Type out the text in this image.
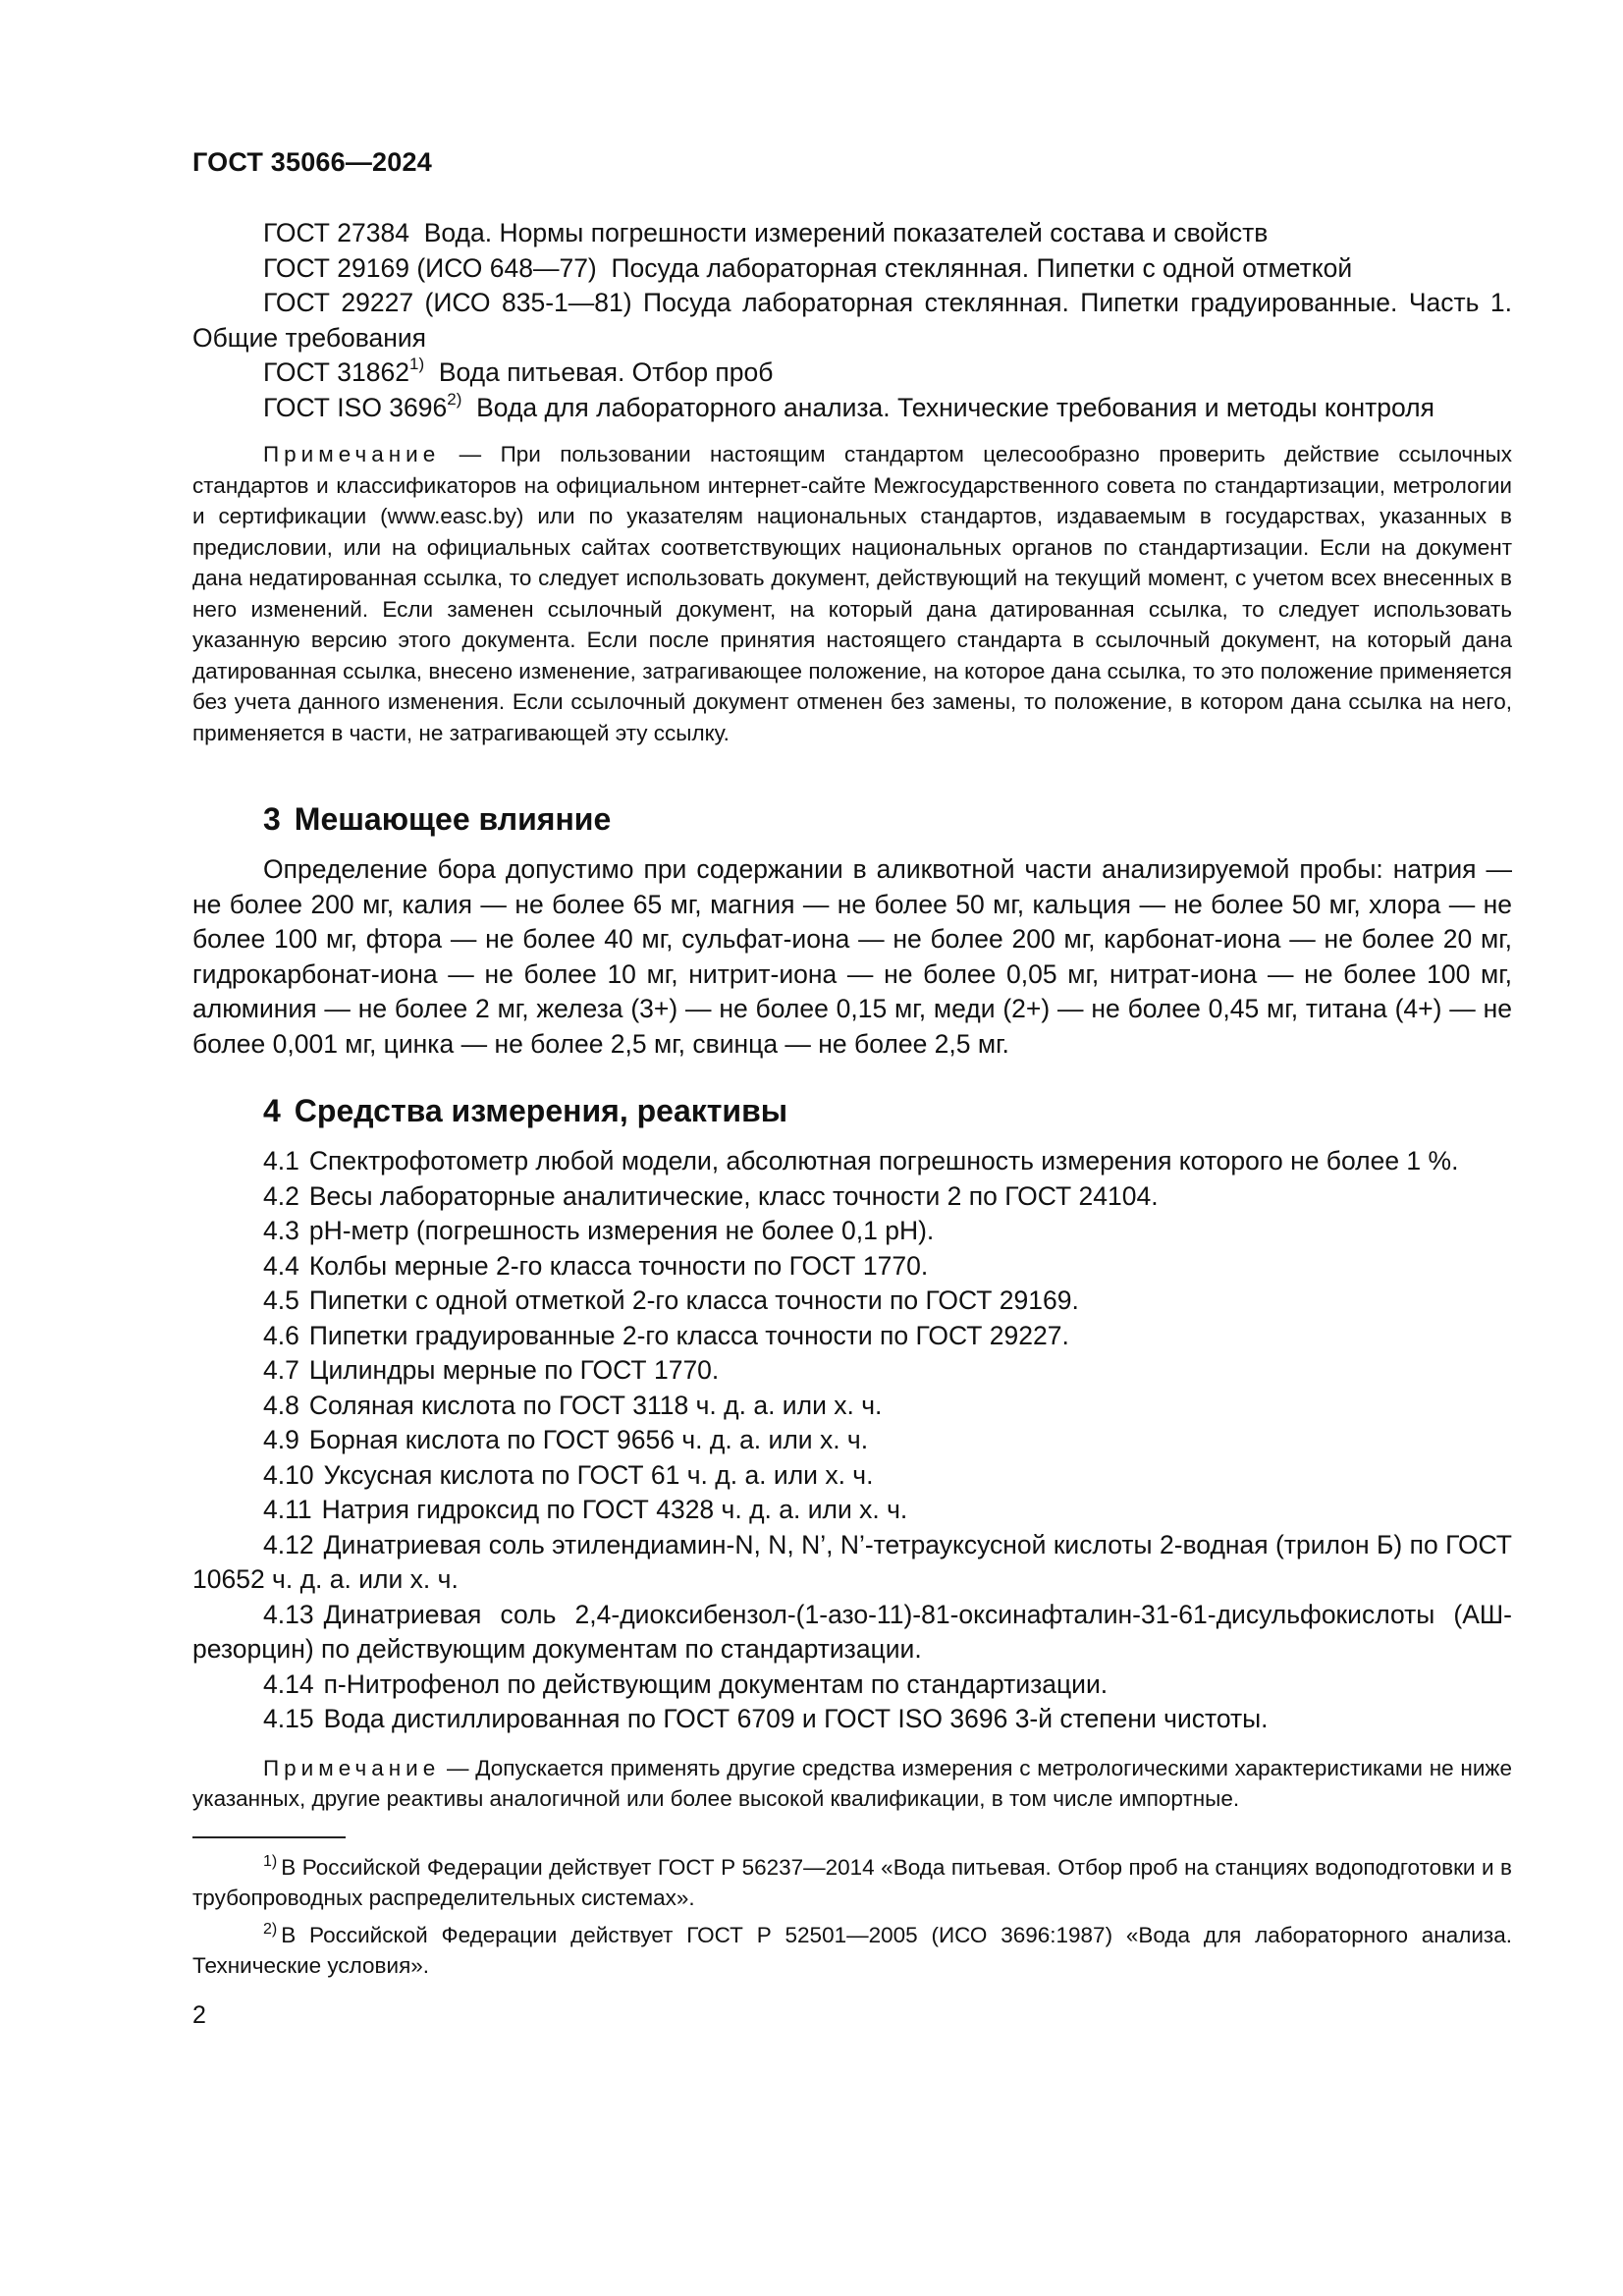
ГОСТ 35066—2024

ГОСТ 27384 Вода. Нормы погрешности измерений показателей состава и свойств

ГОСТ 29169 (ИСО 648—77) Посуда лабораторная стеклянная. Пипетки с одной отметкой

ГОСТ 29227 (ИСО 835-1—81) Посуда лабораторная стеклянная. Пипетки градуированные. Часть 1. Общие требования

ГОСТ 31862$^{1)}$ Вода питьевая. Отбор проб

ГОСТ ISO 3696$^{2)}$ Вода для лабораторного анализа. Технические требования и методы контроля

Примечание — При пользовании настоящим стандартом целесообразно проверить действие ссылочных стандартов и классификаторов на официальном интернет-сайте Межгосударственного совета по стандартизации, метрологии и сертификации (www.easc.by) или по указателям национальных стандартов, издаваемым в государствах, указанных в предисловии, или на официальных сайтах соответствующих национальных органов по стандартизации. Если на документ дана недатированная ссылка, то следует использовать документ, действующий на текущий момент, с учетом всех внесенных в него изменений. Если заменен ссылочный документ, на который дана датированная ссылка, то следует использовать указанную версию этого документа. Если после принятия настоящего стандарта в ссылочный документ, на который дана датированная ссылка, внесено изменение, затрагивающее положение, на которое дана ссылка, то это положение применяется без учета данного изменения. Если ссылочный документ отменен без замены, то положение, в котором дана ссылка на него, применяется в части, не затрагивающей эту ссылку.

3 Мешающее влияние

Определение бора допустимо при содержании в аликвотной части анализируемой пробы: натрия — не более 200 мг, калия — не более 65 мг, магния — не более 50 мг, кальция — не более 50 мг, хлора — не более 100 мг, фтора — не более 40 мг, сульфат-иона — не более 200 мг, карбонат-иона — не более 20 мг, гидрокарбонат-иона — не более 10 мг, нитрит-иона — не более 0,05 мг, нитрат-иона — не более 100 мг, алюминия — не более 2 мг, железа (3+) — не более 0,15 мг, меди (2+) — не более 0,45 мг, титана (4+) — не более 0,001 мг, цинка — не более 2,5 мг, свинца — не более 2,5 мг.

4 Средства измерения, реактивы

4.1 Спектрофотометр любой модели, абсолютная погрешность измерения которого не более 1 %.

4.2 Весы лабораторные аналитические, класс точности 2 по ГОСТ 24104.

4.3 pH-метр (погрешность измерения не более 0,1 pH).

4.4 Колбы мерные 2-го класса точности по ГОСТ 1770.

4.5 Пипетки с одной отметкой 2-го класса точности по ГОСТ 29169.

4.6 Пипетки градуированные 2-го класса точности по ГОСТ 29227.

4.7 Цилиндры мерные по ГОСТ 1770.

4.8 Соляная кислота по ГОСТ 3118 ч. д. а. или х. ч.

4.9 Борная кислота по ГОСТ 9656 ч. д. а. или х. ч.

4.10 Уксусная кислота по ГОСТ 61 ч. д. а. или х. ч.

4.11 Натрия гидроксид по ГОСТ 4328 ч. д. а. или х. ч.

4.12 Динатриевая соль этилендиамин-N, N, N’, N’-тетрауксусной кислоты 2-водная (трилон Б) по ГОСТ 10652 ч. д. а. или х. ч.

4.13 Динатриевая соль 2,4-диоксибензол-(1-азо-11)-81-оксинафталин-31-61-дисульфокислоты (АШ-резорцин) по действующим документам по стандартизации.

4.14 п-Нитрофенол по действующим документам по стандартизации.

4.15 Вода дистиллированная по ГОСТ 6709 и ГОСТ ISO 3696 3-й степени чистоты.

Примечание — Допускается применять другие средства измерения с метрологическими характеристиками не ниже указанных, другие реактивы аналогичной или более высокой квалификации, в том числе импортные.

$^{1)}$ В Российской Федерации действует ГОСТ Р 56237—2014 «Вода питьевая. Отбор проб на станциях водоподготовки и в трубопроводных распределительных системах».

$^{2)}$ В Российской Федерации действует ГОСТ Р 52501—2005 (ИСО 3696:1987) «Вода для лабораторного анализа. Технические условия».

2
